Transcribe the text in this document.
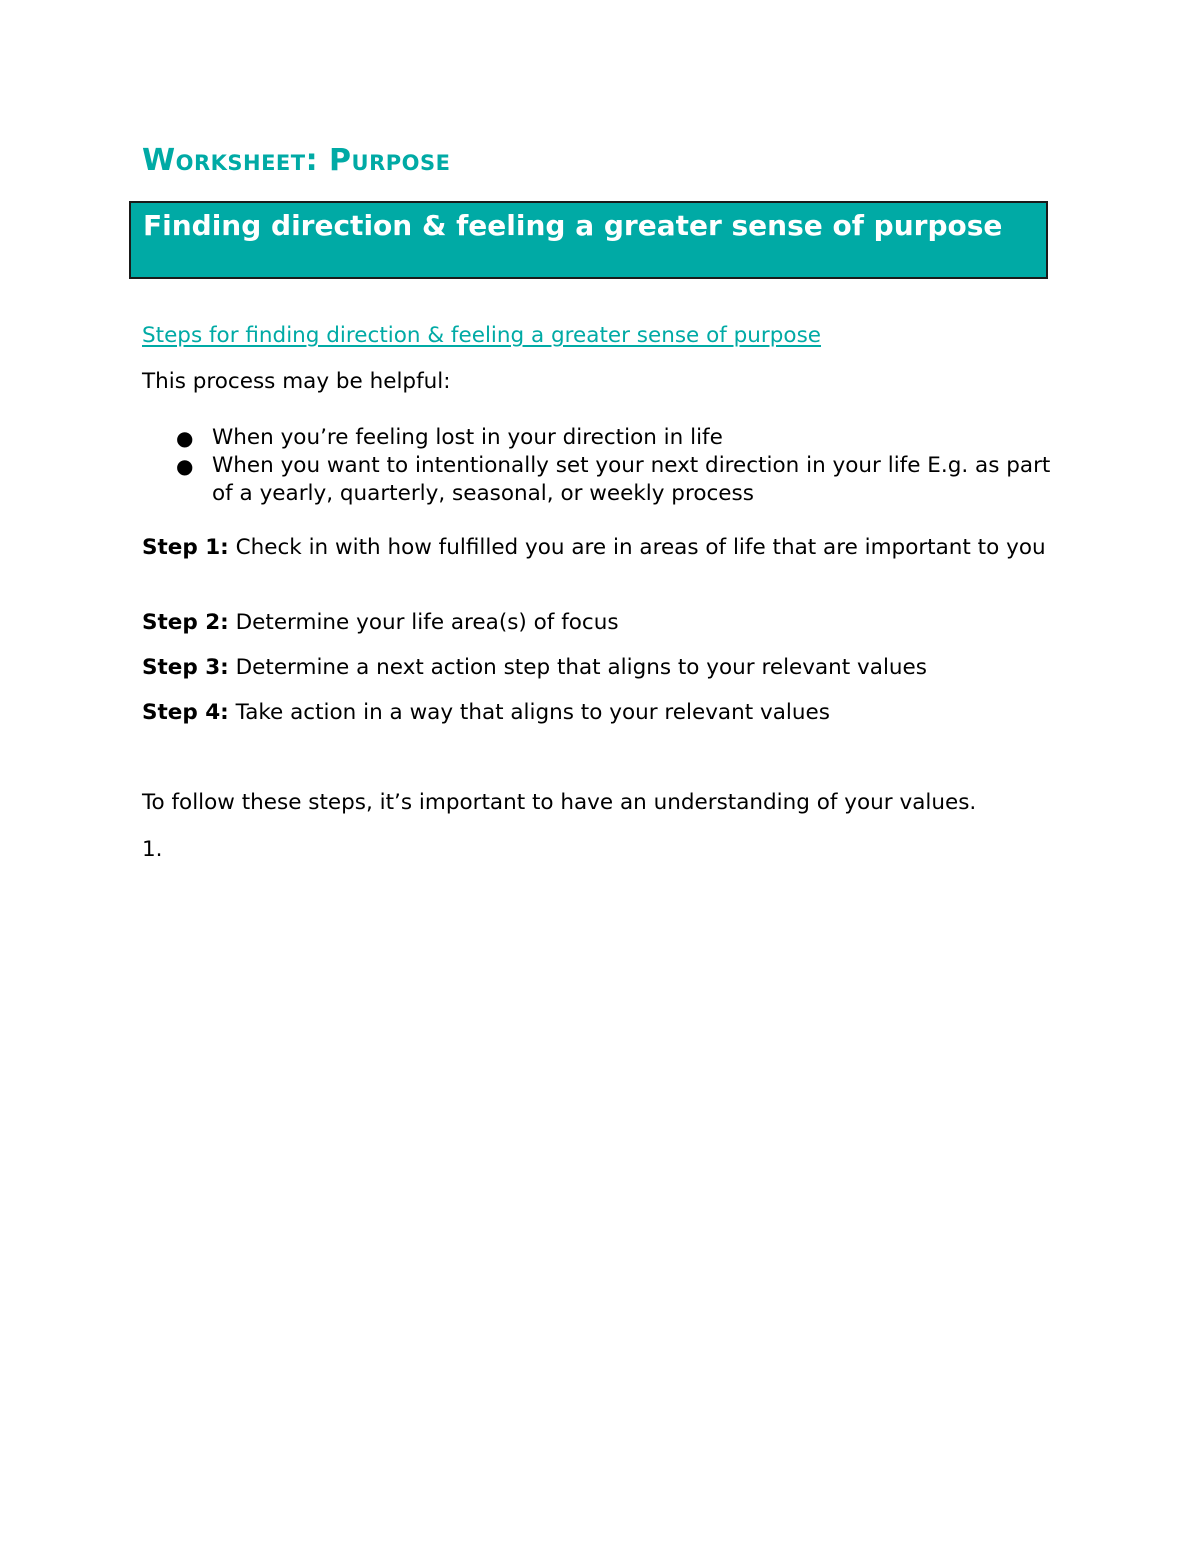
Worksheet: Purpose
Finding direction & feeling a greater sense of purpose
Steps for finding direction & feeling a greater sense of purpose

This process may be helpful:

● When you’re feeling lost in your direction in life
● When you want to intentionally set your next direction in your life E.g. as part of a yearly, quarterly, seasonal, or weekly process

Step 1: Check in with how fulfilled you are in areas of life that are important to you

Step 2: Determine your life area(s) of focus

Step 3: Determine a next action step that aligns to your relevant values

Step 4: Take action in a way that aligns to your relevant values

To follow these steps, it’s important to have an understanding of your values.

1.
